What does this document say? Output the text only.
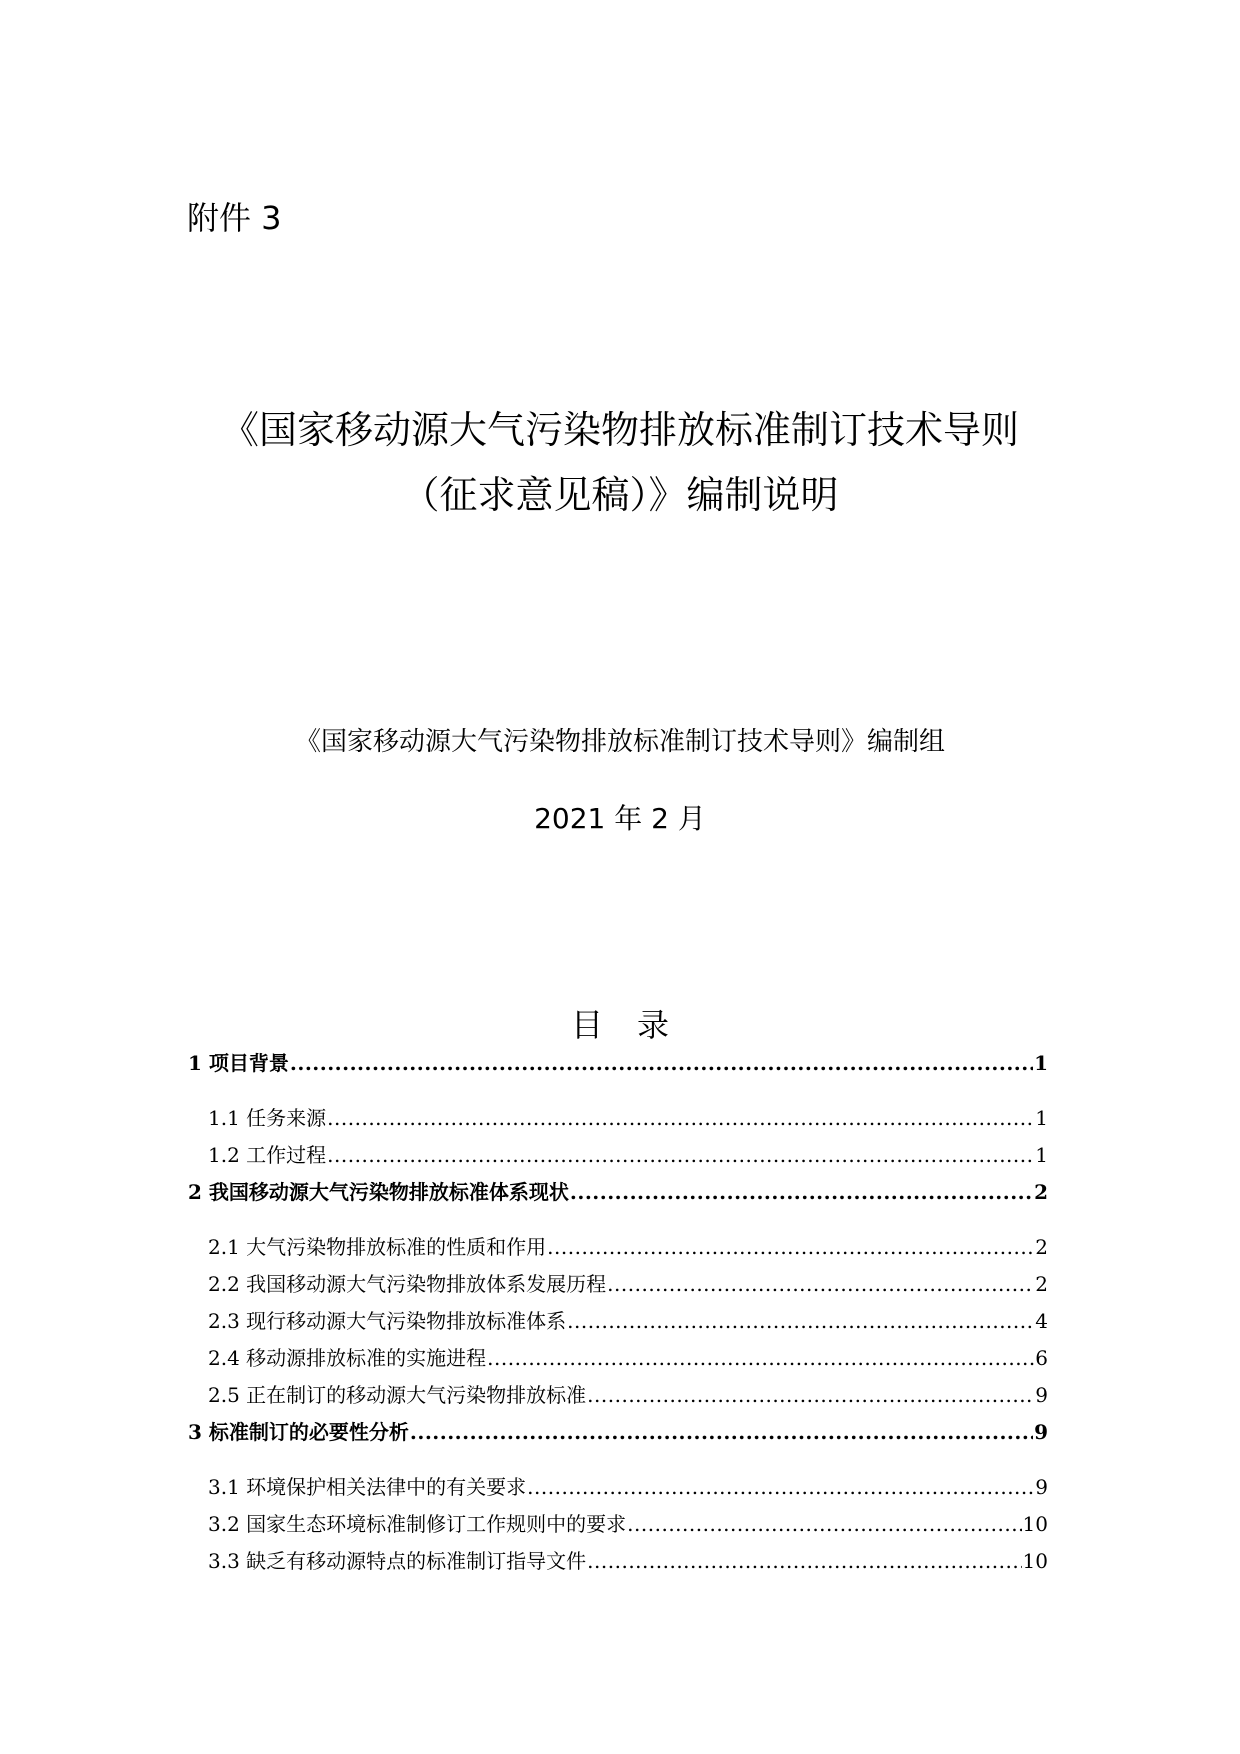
附件 3
《国家移动源大气污染物排放标准制订技术导则
（征求意见稿）》编制说明
《国家移动源大气污染物排放标准制订技术导则》编制组
2021 年 2 月
目录
1 项目背景 .....	1
1.1 任务来源 .....	1
1.2 工作过程 .....	1
2 我国移动源大气污染物排放标准体系现状 .....	2
2.1 大气污染物排放标准的性质和作用 .....	2
2.2 我国移动源大气污染物排放体系发展历程 .....	2
2.3 现行移动源大气污染物排放标准体系 .....	4
2.4 移动源排放标准的实施进程 .....	6
2.5 正在制订的移动源大气污染物排放标准 .....	9
3 标准制订的必要性分析 .....	9
3.1 环境保护相关法律中的有关要求 .....	9
3.2 国家生态环境标准制修订工作规则中的要求 .....	10
3.3 缺乏有移动源特点的标准制订指导文件 .....	10
